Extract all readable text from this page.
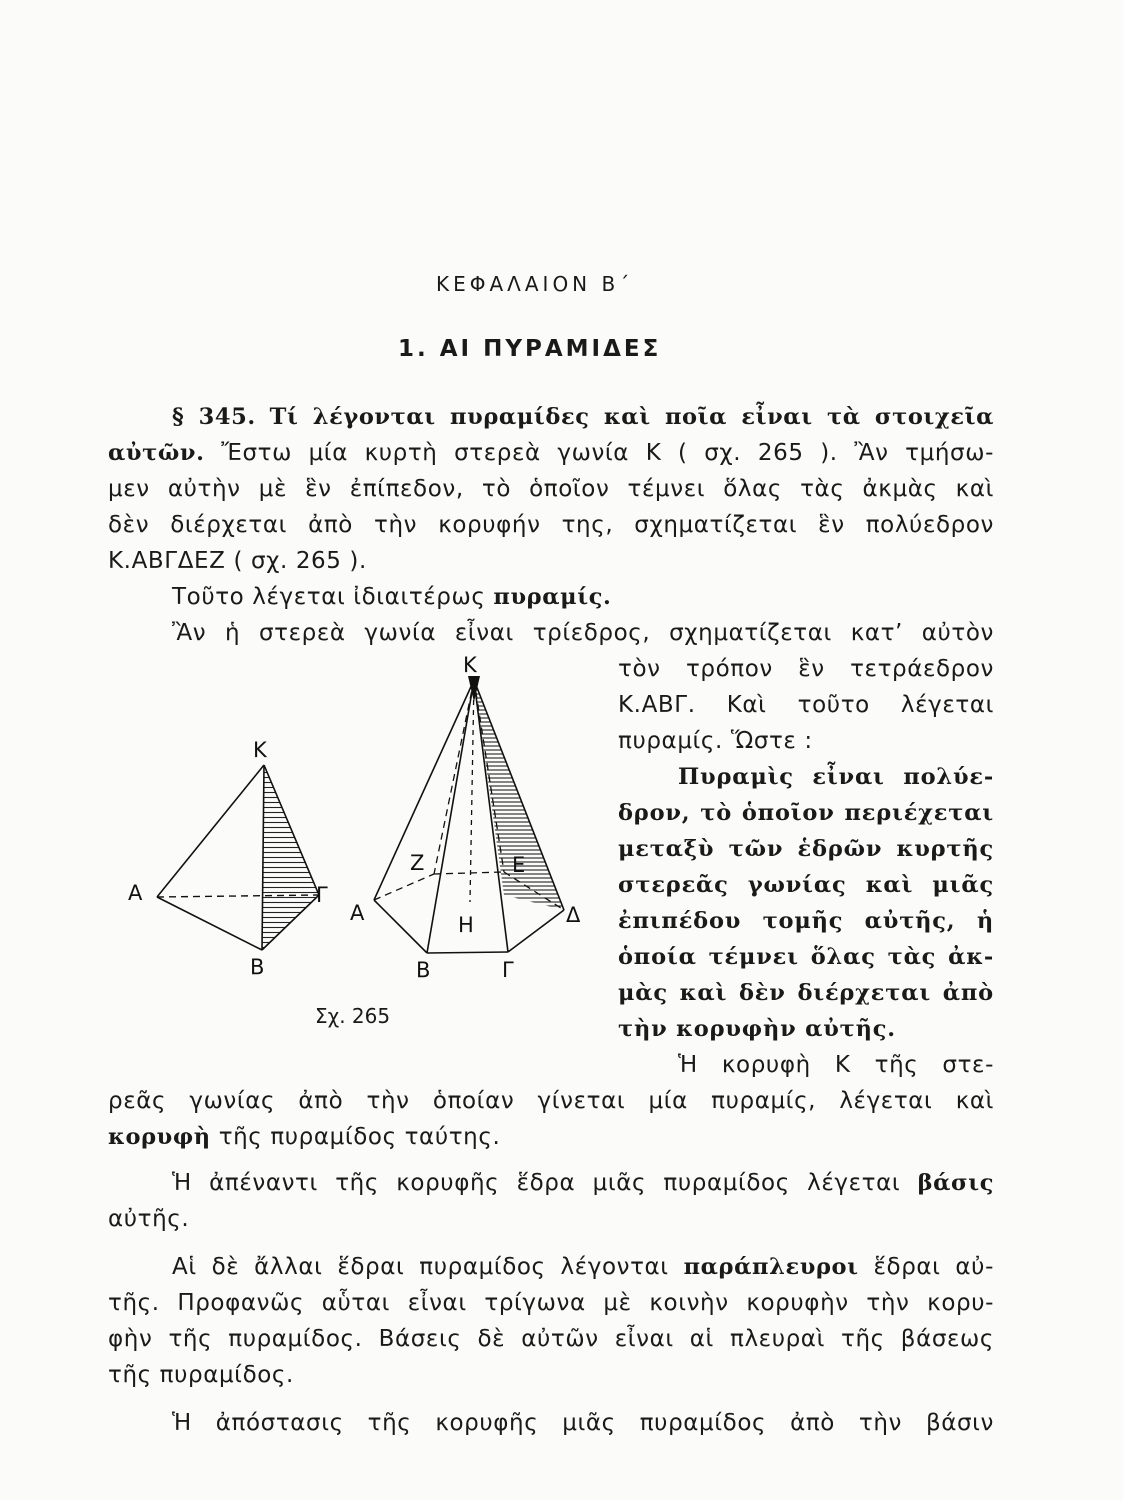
ΚΕΦΑΛΑΙΟΝ Β΄
1. ΑΙ ΠΥΡΑΜΙΔΕΣ
§ 345. Τί λέγονται πυραμίδες καὶ ποῖα εἶναι τὰ στοιχεῖα
αὐτῶν. Ἔστω μία κυρτὴ στερεὰ γωνία Κ ( σχ. 265 ). Ἂν τμήσω-
μεν αὐτὴν μὲ ἓν ἐπίπεδον, τὸ ὁποῖον τέμνει ὅλας τὰς ἀκμὰς καὶ
δὲν διέρχεται ἀπὸ τὴν κορυφήν της, σχηματίζεται ἓν πολύεδρον
Κ.ΑΒΓΔΕΖ ( σχ. 265 ).
Τοῦτο λέγεται ἰδιαιτέρως πυραμίς.
Ἂν ἡ στερεὰ γωνία εἶναι τρίεδρος, σχηματίζεται κατ’ αὐτὸν
τὸν τρόπον ἓν τετράεδρον
Κ.ΑΒΓ. Καὶ τοῦτο λέγεται
πυραμίς. Ὥστε :
Πυραμὶς εἶναι πολύε-
δρον, τὸ ὁποῖον περιέχεται
μεταξὺ τῶν ἑδρῶν κυρτῆς
στερεᾶς γωνίας καὶ μιᾶς
ἐπιπέδου τομῆς αὐτῆς, ἡ
ὁποία τέμνει ὅλας τὰς ἀκ-
μὰς καὶ δὲν διέρχεται ἀπὸ
τὴν κορυφὴν αὐτῆς.
Ἡ κορυφὴ Κ τῆς στε-
ρεᾶς γωνίας ἀπὸ τὴν ὁποίαν γίνεται μία πυραμίς, λέγεται καὶ
κορυφὴ τῆς πυραμίδος ταύτης.
Ἡ ἀπέναντι τῆς κορυφῆς ἕδρα μιᾶς πυραμίδος λέγεται βάσις
αὐτῆς.
Αἱ δὲ ἄλλαι ἕδραι πυραμίδος λέγονται παράπλευροι ἕδραι αὐ-
τῆς. Προφανῶς αὗται εἶναι τρίγωνα μὲ κοινὴν κορυφὴν τὴν κορυ-
φὴν τῆς πυραμίδος. Βάσεις δὲ αὐτῶν εἶναι αἱ πλευραὶ τῆς βάσεως
τῆς πυραμίδος.
Ἡ ἀπόστασις τῆς κορυφῆς μιᾶς πυραμίδος ἀπὸ τὴν βάσιν
Κ
Α
Β
Γ
Κ
Α
Β	Γ
Δ
Ε
Ζ
Η
Σχ. 265
